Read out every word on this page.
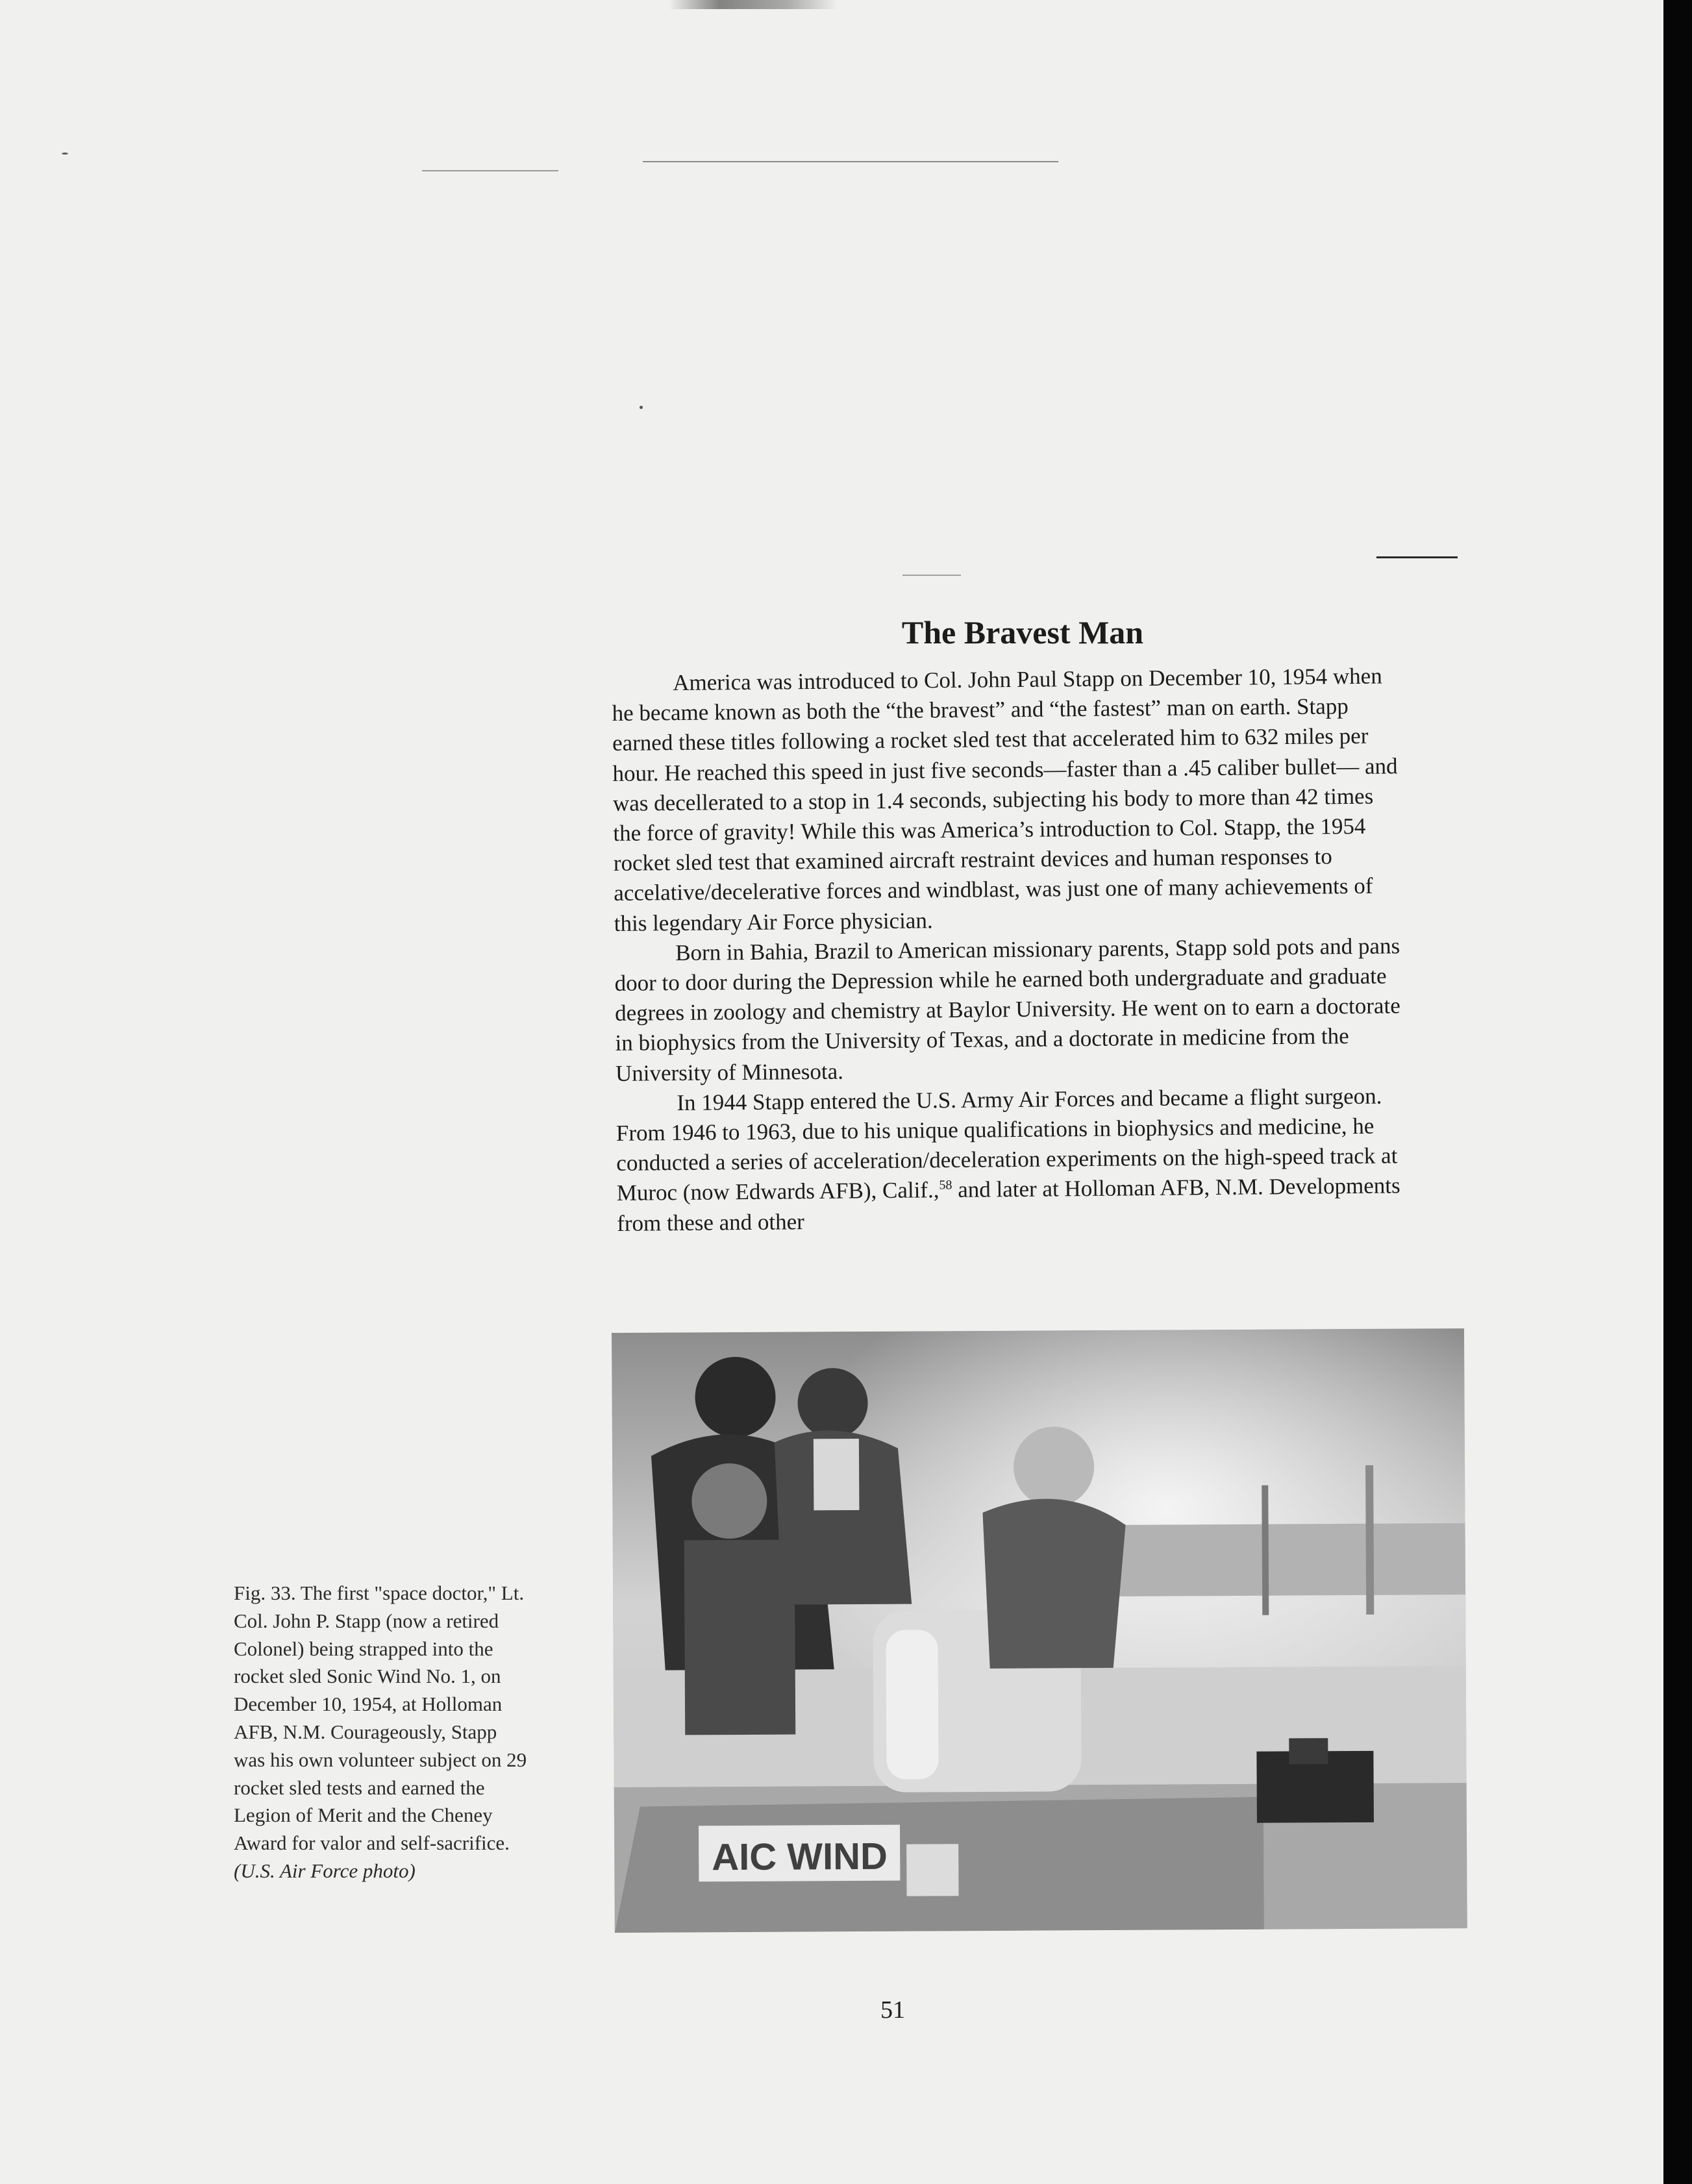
The Bravest Man

America was introduced to Col. John Paul Stapp on December 10, 1954 when he became known as both the “the bravest” and “the fastest” man on earth. Stapp earned these titles following a rocket sled test that accelerated him to 632 miles per hour. He reached this speed in just five seconds—faster than a .45 caliber bullet— and was decellerated to a stop in 1.4 seconds, subjecting his body to more than 42 times the force of gravity! While this was America’s introduction to Col. Stapp, the 1954 rocket sled test that examined aircraft restraint devices and human responses to accelative/decelerative forces and windblast, was just one of many achievements of this legendary Air Force physician.

Born in Bahia, Brazil to American missionary parents, Stapp sold pots and pans door to door during the Depression while he earned both undergraduate and graduate degrees in zoology and chemistry at Baylor University. He went on to earn a doctorate in biophysics from the University of Texas, and a doctorate in medicine from the University of Minnesota.

In 1944 Stapp entered the U.S. Army Air Forces and became a flight surgeon. From 1946 to 1963, due to his unique qualifications in biophysics and medicine, he conducted a series of acceleration/deceleration experiments on the high-speed track at Muroc (now Edwards AFB), Calif.,$^{58}$ and later at Holloman AFB, N.M. Developments from these and other

AIC WIND
Fig. 33. The first "space doctor," Lt. Col. John P. Stapp (now a retired Colonel) being strapped into the rocket sled Sonic Wind No. 1, on December 10, 1954, at Holloman AFB, N.M. Courageously, Stapp was his own volunteer subject on 29 rocket sled tests and earned the Legion of Merit and the Cheney Award for valor and self-sacrifice. (U.S. Air Force photo)
51
